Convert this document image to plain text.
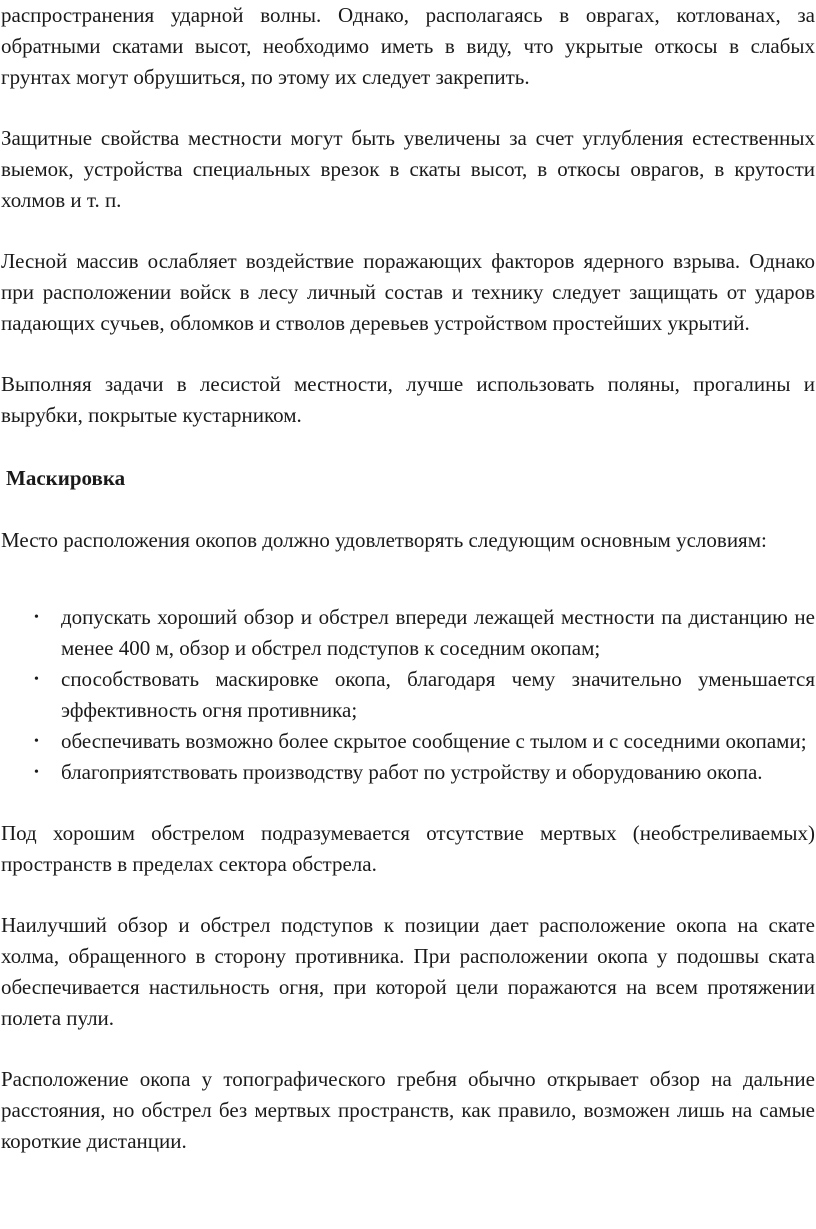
распространения ударной волны. Однако, располагаясь в оврагах, котлованах, за обратными скатами высот, необходимо иметь в виду, что укрытые откосы в слабых грунтах могут обрушиться, по этому их следует закрепить.

Защитные свойства местности могут быть увеличены за счет углубления естественных выемок, устройства специальных врезок в скаты высот, в откосы оврагов, в крутости холмов и т. п.

Лесной массив ослабляет воздействие поражающих факторов ядерного взрыва. Однако при расположении войск в лесу личный состав и технику следует защищать от ударов падающих сучьев, обломков и стволов деревьев устройством простейших укрытий.

Выполняя задачи в лесистой местности, лучше использовать поляны, прогалины и вырубки, покрытые кустарником.

Маскировка

Место расположения окопов должно удовлетворять следующим основным условиям:

• допускать хороший обзор и обстрел впереди лежащей местности па дистанцию не менее 400 м, обзор и обстрел подступов к соседним окопам;
• способствовать маскировке окопа, благодаря чему значительно уменьшается эффективность огня противника;
• обеспечивать возможно более скрытое сообщение с тылом и с соседними окопами;
• благоприятствовать производству работ по устройству и оборудованию окопа.

Под хорошим обстрелом подразумевается отсутствие мертвых (необстреливаемых) пространств в пределах сектора обстрела.

Наилучший обзор и обстрел подступов к позиции дает расположение окопа на скате холма, обращенного в сторону противника. При расположении окопа у подошвы ската обеспечивается настильность огня, при которой цели поражаются на всем протяжении полета пули.

Расположение окопа у топографического гребня обычно открывает обзор на дальние расстояния, но обстрел без мертвых пространств, как правило, возможен лишь на самые короткие дистанции.
